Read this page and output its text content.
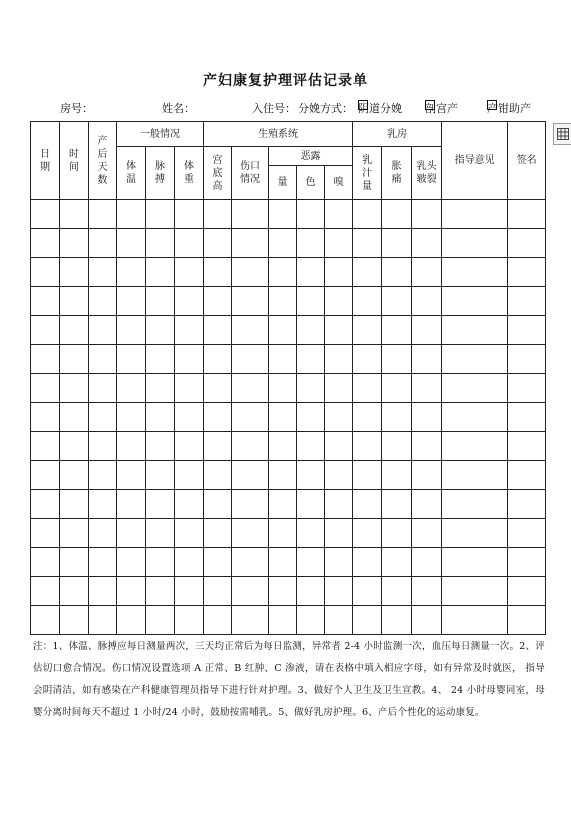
产妇康复护理评估记录单
房号：	姓名：	入住号： 分娩方式： 阴道分娩 剖宫产	产钳助产
日期	时间	产后天数	一般情况			生殖系统					乳房			指导意见	签名
			体温	脉搏	体重	宫底高	伤口情况	恶露			乳汁量	胀痛	乳头皲裂		
								量	色	嗅					

注：1、体温、脉搏应每日测量两次，三天均正常后为每日监测，异常者 2-4 小时监测一次，血压每日测量一次。2、评估切口愈合情况。伤口情况设置选项 A 正常、B 红肿、C 渗液，请在表格中填入相应字母，如有异常及时就医， 指导会阴清洁，如有感染在产科健康管理员指导下进行针对护理。3、做好个人卫生及卫生宣教。4、 24 小时母婴同室，母婴分离时间每天不超过 1 小时/24 小时，鼓励按需哺乳。5、做好乳房护理。6、产后个性化的运动康复。
